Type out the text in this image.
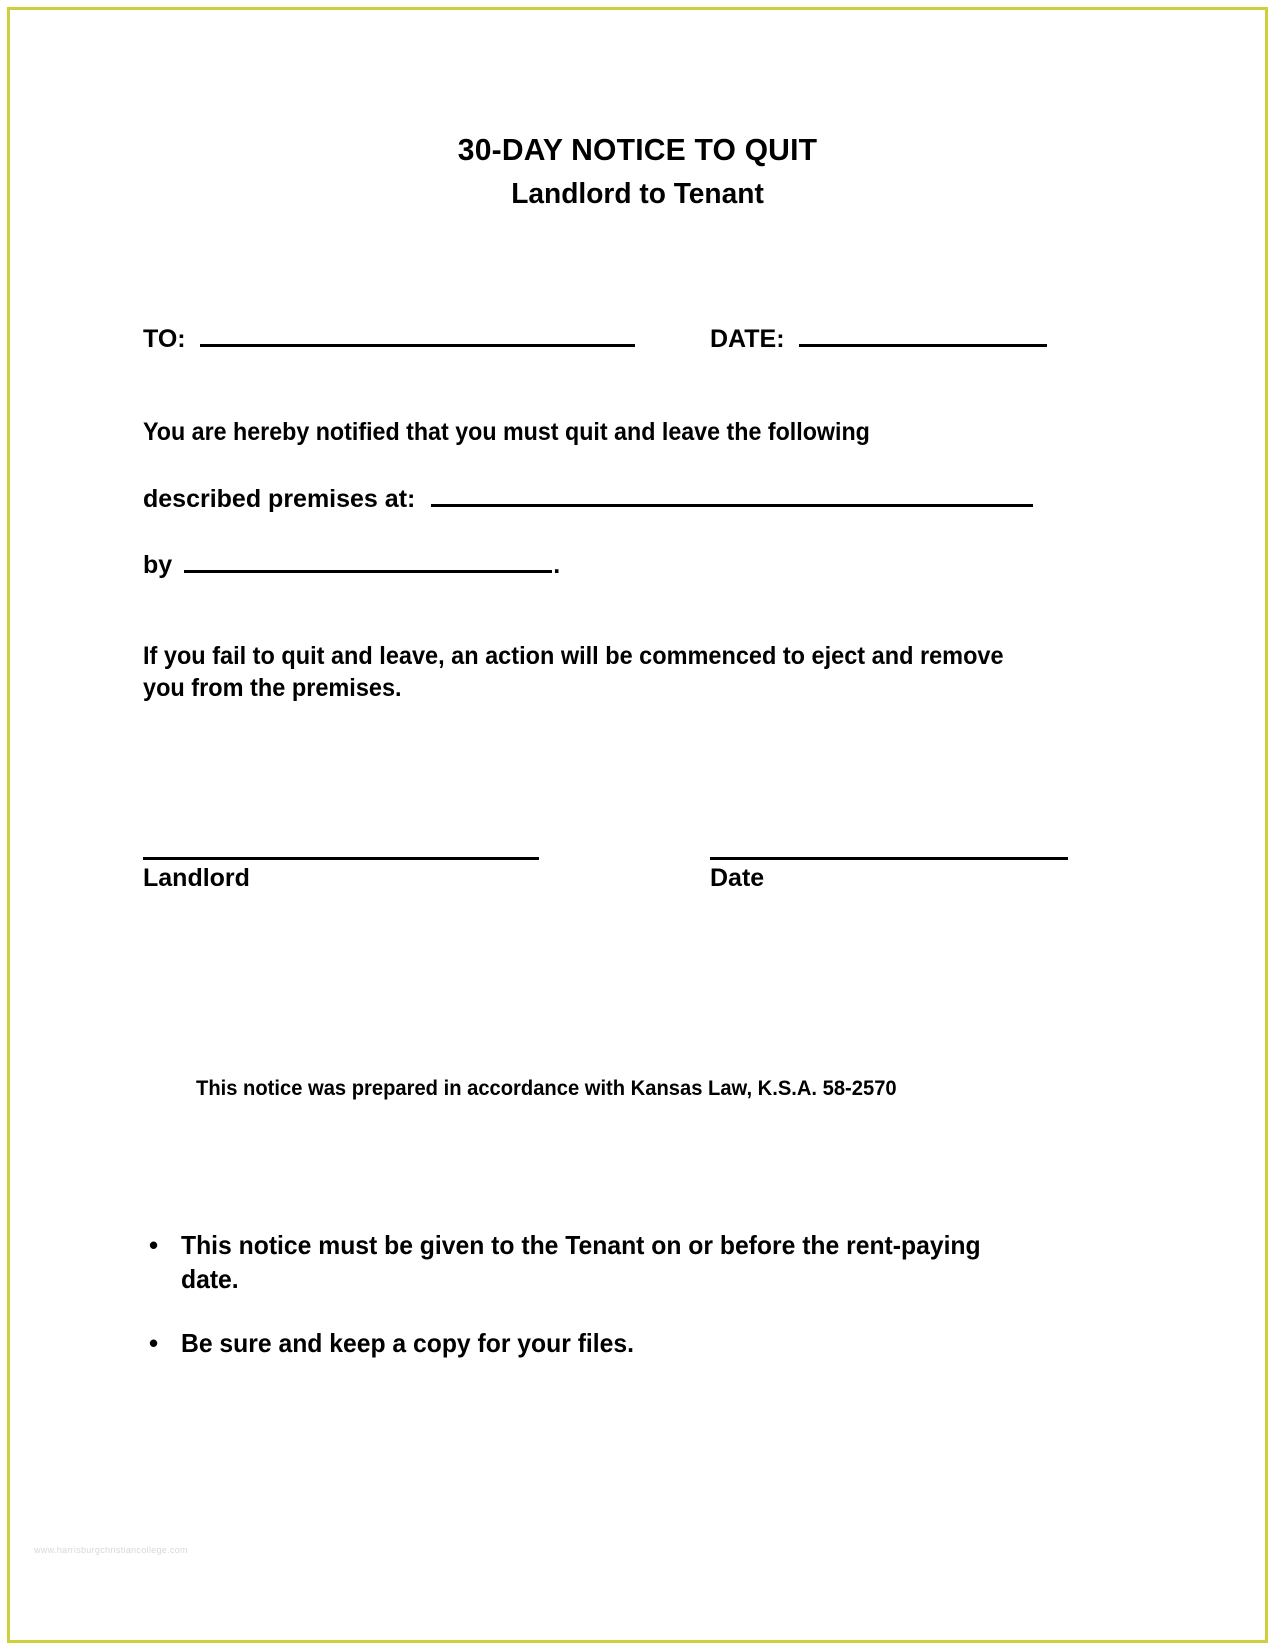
30-DAY NOTICE TO QUIT
Landlord to Tenant
TO:	DATE:
You are hereby notified that you must quit and leave the following
described premises at:
by	.
If you fail to quit and leave, an action will be commenced to eject and remove you from the premises.
Landlord	Date
This notice was prepared in accordance with Kansas Law, K.S.A. 58-2570
• This notice must be given to the Tenant on or before the rent-paying date.
• Be sure and keep a copy for your files.
www.harrisburgchristiancollege.com
